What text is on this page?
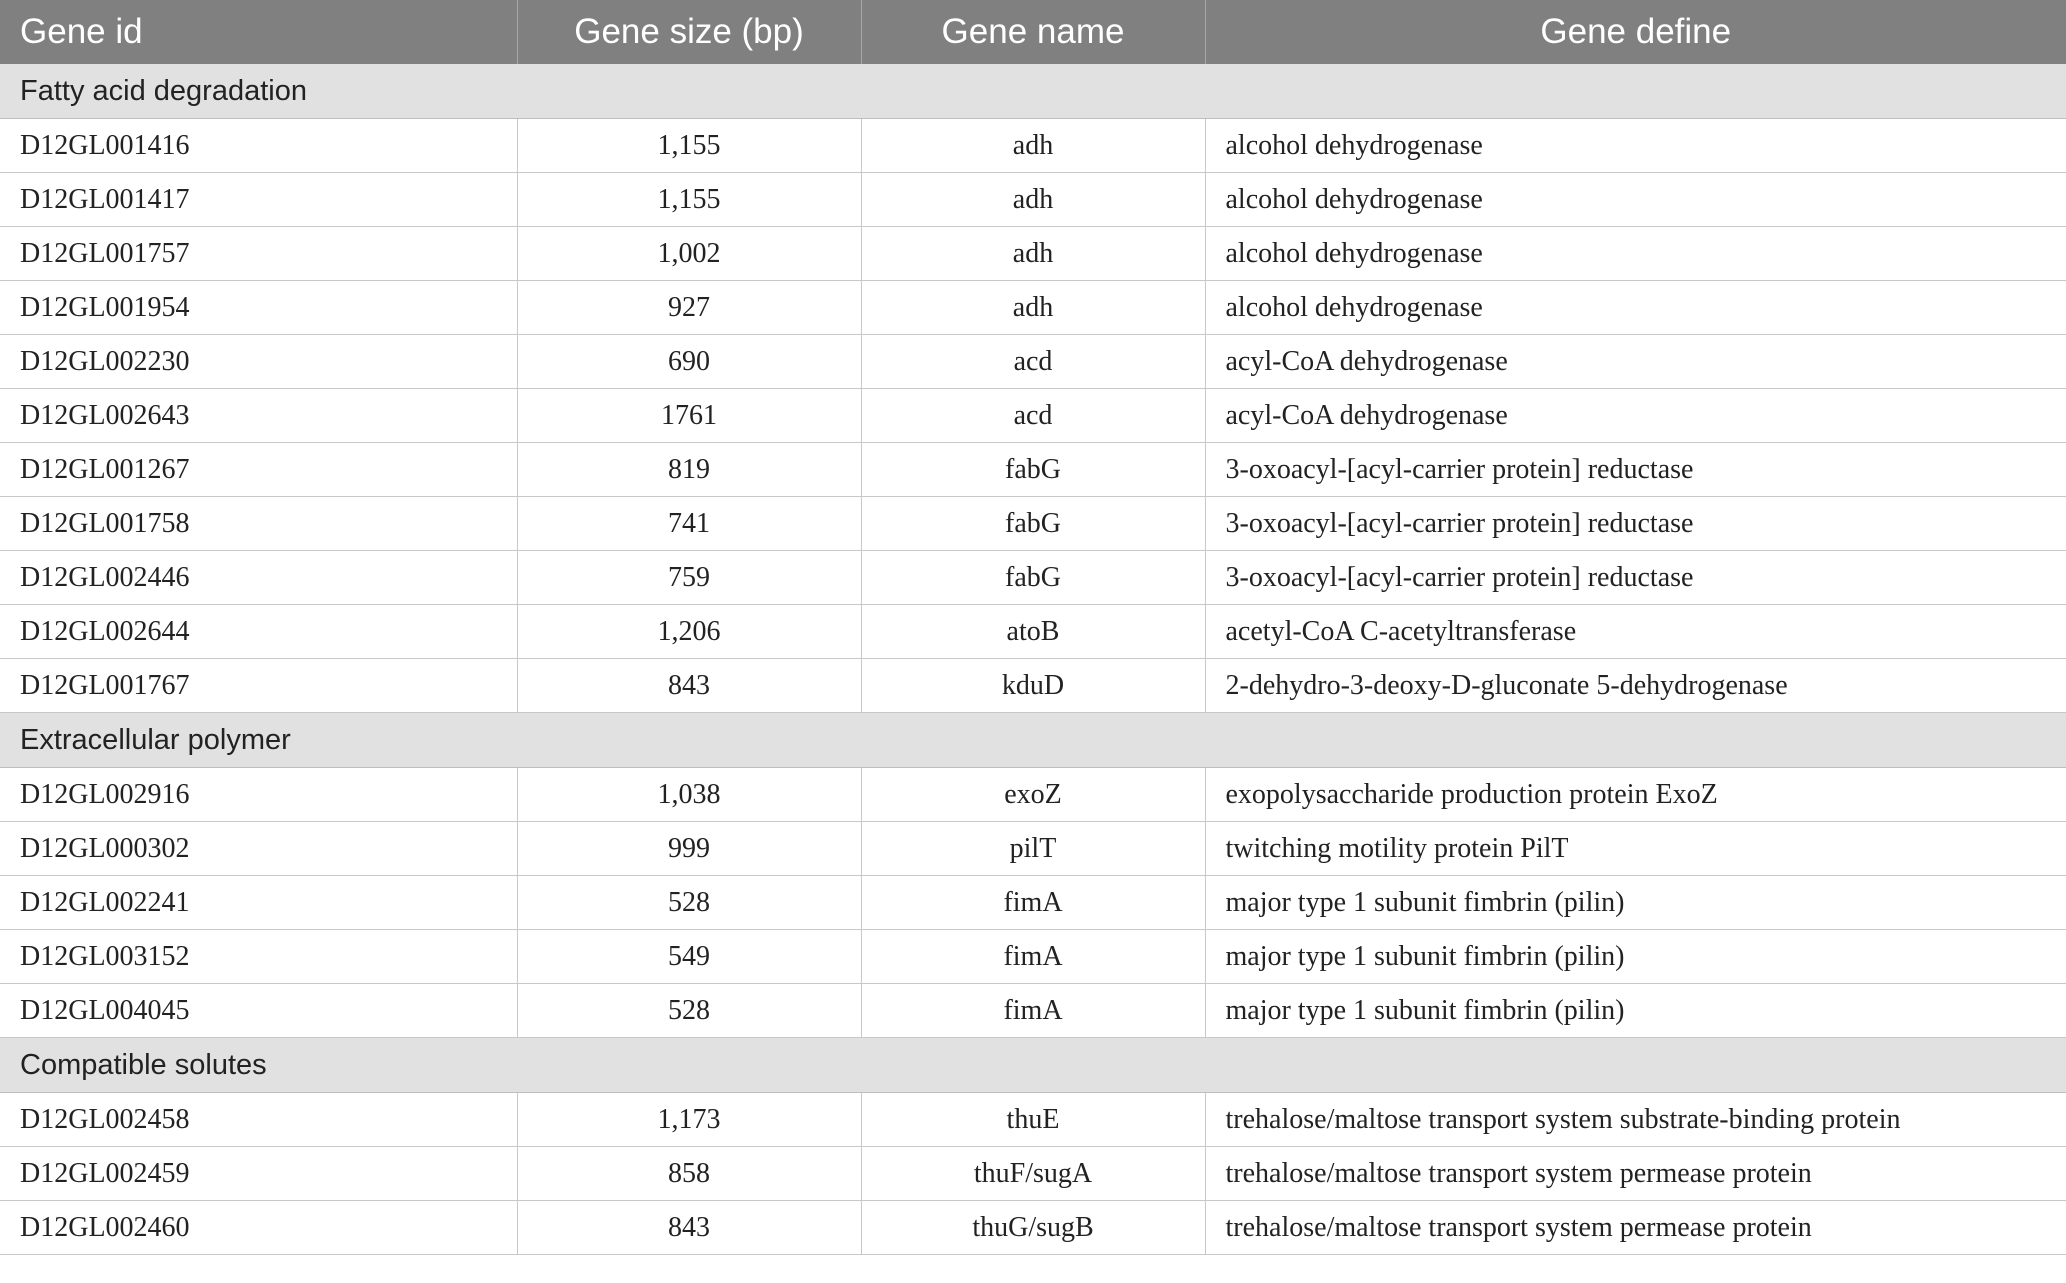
Gene id	Gene size (bp)	Gene name	Gene define
Fatty acid degradation			
D12GL001416	1,155	adh	alcohol dehydrogenase
D12GL001417	1,155	adh	alcohol dehydrogenase
D12GL001757	1,002	adh	alcohol dehydrogenase
D12GL001954	927	adh	alcohol dehydrogenase
D12GL002230	690	acd	acyl-CoA dehydrogenase
D12GL002643	1761	acd	acyl-CoA dehydrogenase
D12GL001267	819	fabG	3-oxoacyl-[acyl-carrier protein] reductase
D12GL001758	741	fabG	3-oxoacyl-[acyl-carrier protein] reductase
D12GL002446	759	fabG	3-oxoacyl-[acyl-carrier protein] reductase
D12GL002644	1,206	atoB	acetyl-CoA C-acetyltransferase
D12GL001767	843	kduD	2-dehydro-3-deoxy-D-gluconate 5-dehydrogenase
Extracellular polymer			
D12GL002916	1,038	exoZ	exopolysaccharide production protein ExoZ
D12GL000302	999	pilT	twitching motility protein PilT
D12GL002241	528	fimA	major type 1 subunit fimbrin (pilin)
D12GL003152	549	fimA	major type 1 subunit fimbrin (pilin)
D12GL004045	528	fimA	major type 1 subunit fimbrin (pilin)
Compatible solutes			
D12GL002458	1,173	thuE	trehalose/maltose transport system substrate-binding protein
D12GL002459	858	thuF/sugA	trehalose/maltose transport system permease protein
D12GL002460	843	thuG/sugB	trehalose/maltose transport system permease protein
